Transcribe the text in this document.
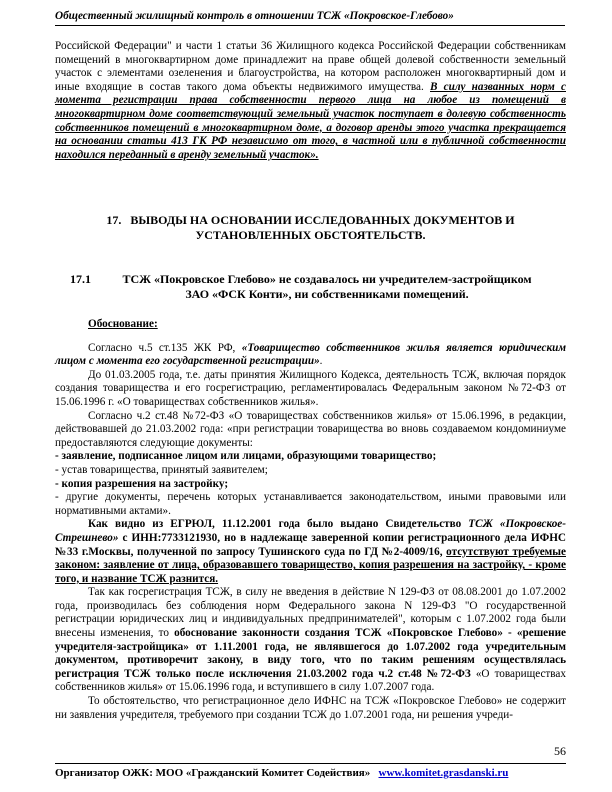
Общественный жилищный контроль в отношении ТСЖ «Покровское-Глебово»

Российской Федерации" и части 1 статьи 36 Жилищного кодекса Российской Федерации собственникам помещений в многоквартирном доме принадлежит на праве общей долевой собственности земельный участок с элементами озеленения и благоустройства, на котором расположен многоквартирный дом и иные входящие в состав такого дома объекты недвижимого имущества. В силу названных норм с момента регистрации права собственности первого лица на любое из помещений в многоквартирном доме соответствующий земельный участок поступает в долевую собственность собственников помещений в многоквартирном доме, а договор аренды этого участка прекращается на основании статьи 413 ГК РФ независимо от того, в частной или в публичной собственности находился переданный в аренду земельный участок».

17. ВЫВОДЫ НА ОСНОВАНИИ ИССЛЕДОВАННЫХ ДОКУМЕНТОВ И УСТАНОВЛЕННЫХ ОБСТОЯТЕЛЬСТВ.
17.1	ТСЖ «Покровское Глебово» не создавалось ни учредителем-застройщиком ЗАО «ФСК Конти», ни собственниками помещений.

Обоснование:

Согласно ч.5 ст.135 ЖК РФ, «Товарищество собственников жилья является юридическим лицом с момента его государственной регистрации».

До 01.03.2005 года, т.е. даты принятия Жилищного Кодекса, деятельность ТСЖ, включая порядок создания товарищества и его госрегистрацию, регламентировалась Федеральным законом №72-ФЗ от 15.06.1996 г. «О товариществах собственников жилья».

Согласно ч.2 ст.48 №72-ФЗ «О товариществах собственников жилья» от 15.06.1996, в редакции, действовавшей до 21.03.2002 года: «при регистрации товарищества во вновь создаваемом кондоминиуме предоставляются следующие документы:

- заявление, подписанное лицом или лицами, образующими товарищество;

- устав товарищества, принятый заявителем;

- копия разрешения на застройку;

- другие документы, перечень которых устанавливается законодательством, иными правовыми или нормативными актами».

Как видно из ЕГРЮЛ, 11.12.2001 года было выдано Свидетельство ТСЖ «Покровское-Стрешнево» с ИНН:7733121930, но в надлежаще заверенной копии регистрационного дела ИФНС №33 г.Москвы, полученной по запросу Тушинского суда по ГД №2-4009/16, отсутствуют требуемые законом: заявление от лица, образовавшего товарищество, копия разрешения на застройку, - кроме того, и название ТСЖ разнится.

Так как госрегистрация ТСЖ, в силу не введения в действие N 129-ФЗ от 08.08.2001 до 1.07.2002 года, производилась без соблюдения норм Федерального закона N 129-ФЗ "О государственной регистрации юридических лиц и индивидуальных предпринимателей", которым с 1.07.2002 года были внесены изменения, то обоснование законности создания ТСЖ «Покровское Глебово» - «решение учредителя-застройщика» от 1.11.2001 года, не являвшегося до 1.07.2002 года учредительным документом, противоречит закону, в виду того, что по таким решениям осуществлялась регистрация ТСЖ только после исключения 21.03.2002 года ч.2 ст.48 №72-ФЗ «О товариществах собственников жилья» от 15.06.1996 года, и вступившего в силу 1.07.2007 года.

То обстоятельство, что регистрационное дело ИФНС на ТСЖ «Покровское Глебово» не содержит ни заявления учредителя, требуемого при создании ТСЖ до 1.07.2001 года, ни решения учреди-

56
Организатор ОЖК: МОО «Гражданский Комитет Содействия» www.komitet.grasdanski.ru
